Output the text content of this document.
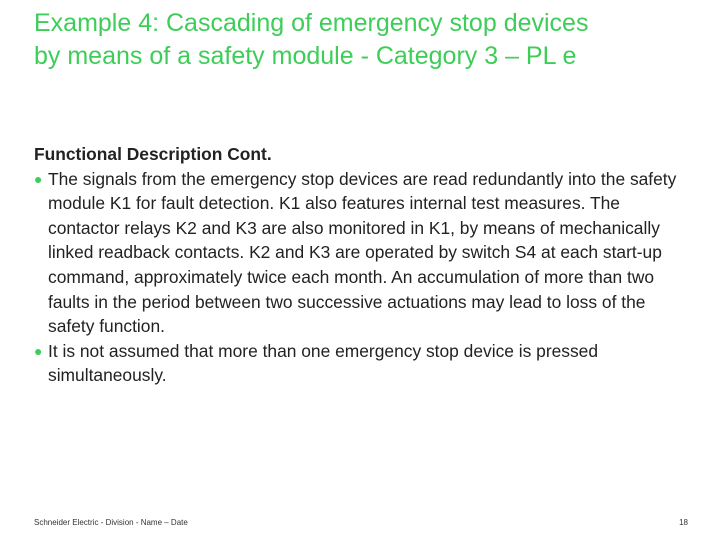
Example 4: Cascading of emergency stop devices
by means of a safety module - Category 3 – PL e

Functional Description Cont.

● The signals from the emergency stop devices are read redundantly into the safety module K1 for fault detection. K1 also features internal test measures. The contactor relays K2 and K3 are also monitored in K1, by means of mechanically linked readback contacts. K2 and K3 are operated by switch S4 at each start-up command, approximately twice each month. An accumulation of more than two faults in the period between two successive actuations may lead to loss of the safety function.
● It is not assumed that more than one emergency stop device is pressed simultaneously.
Schneider Electric - Division - Name – Date	18
